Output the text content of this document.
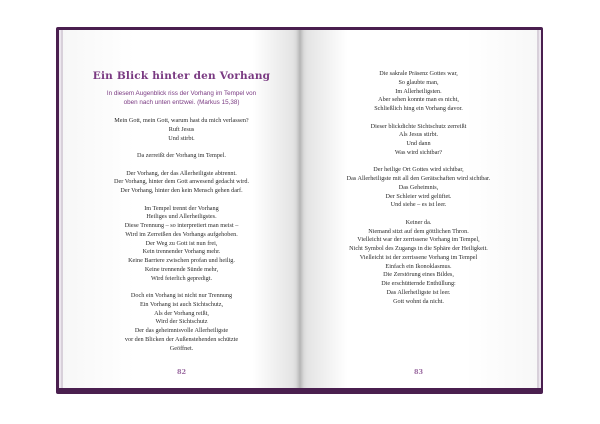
Ein Blick hinter den Vorhang
In diesem Augenblick riss der Vorhang im Tempel von
oben nach unten entzwei. (Markus 15,38)
Mein Gott, mein Gott, warum hast du mich verlassen?
Ruft Jesus
Und stirbt.
Da zerreißt der Vorhang im Tempel.
Der Vorhang, der das Allerheiligste abtrennt.
Der Vorhang, hinter dem Gott anwesend gedacht wird.
Der Vorhang, hinter den kein Mensch gehen darf.
Im Tempel trennt der Vorhang
Heiliges und Allerheiligstes.
Diese Trennung – so interpretiert man meist –
Wird im Zerreißen des Vorhangs aufgehoben.
Der Weg zu Gott ist nun frei,
Kein trennender Vorhang mehr.
Keine Barriere zwischen profan und heilig.
Keine trennende Sünde mehr,
Wird feierlich gepredigt.
Doch ein Vorhang ist nicht nur Trennung
Ein Vorhang ist auch Sichtschutz,
Als der Vorhang reißt,
Wird der Sichtschutz
Der das geheimnisvolle Allerheiligste
vor den Blicken der Außenstehenden schützte
Geöffnet.
82
Die sakrale Präsenz Gottes war,
So glaubte man,
Im Allerheiligsten.
Aber sehen konnte man es nicht,
Schließlich hing ein Vorhang davor.
Dieser blickdichte Sichtschutz zerreißt
Als Jesus stirbt.
Und dann
Was wird sichtbar?
Der heilige Ort Gottes wird sichtbar,
Das Allerheiligste mit all den Gerätschaften wird sichtbar.
Das Geheimnis,
Der Schleier wird gelüftet.
Und siehe – es ist leer.
Keiner da.
Niemand sitzt auf dem göttlichen Thron.
Vielleicht war der zerrissene Vorhang im Tempel,
Nicht Symbol des Zugangs in die Sphäre der Heiligkeit.
Vielleicht ist der zerrissene Vorhang im Tempel
Einfach ein Ikonoklasmus.
Die Zerstörung eines Bildes,
Die erschütternde Enthüllung:
Das Allerheiligste ist leer.
Gott wohnt da nicht.
83
